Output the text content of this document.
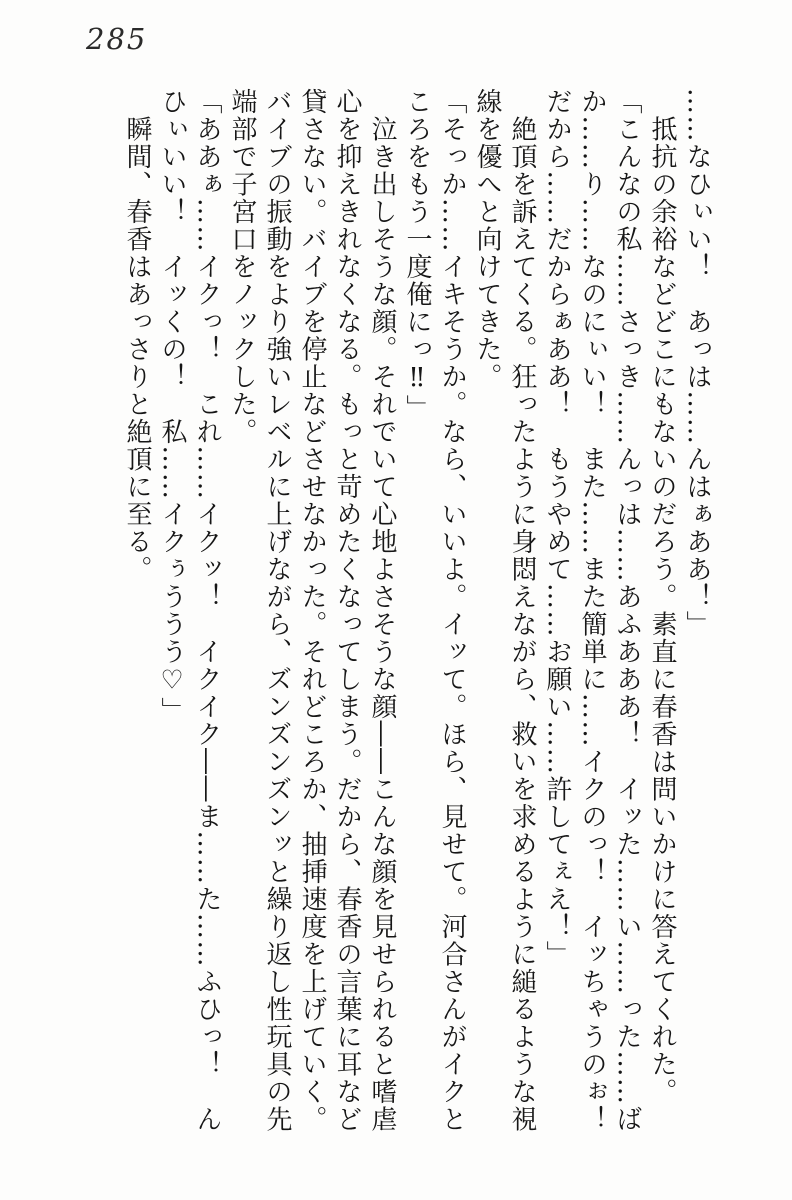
285
……なひぃい！　あっは……んはぁああ！」
　抵抗の余裕などどこにもないのだろう。素直に春香は問いかけに答えてくれた。
「こんなの私……さっき……んっは……あふあああ！　イッた……い……った……ば
か……り……なのにぃい！　また……また簡単に……イクのっ！　イッちゃうのぉ！
だから……だからぁああ！　もうやめて……お願い……許してぇえ！」
　絶頂を訴えてくる。狂ったように身悶えながら、救いを求めるように縋るような視
線を優へと向けてきた。
「そっか……イキそうか。なら、いいよ。イッて。ほら、見せて。河合さんがイクと
ころをもう一度俺にっ‼」
　泣き出しそうな顔。それでいて心地よさそうな顔――こんな顔を見せられると嗜虐
心を抑えきれなくなる。もっと苛めたくなってしまう。だから、春香の言葉に耳など
貸さない。バイブを停止などさせなかった。それどころか、抽挿速度を上げていく。
バイブの振動をより強いレベルに上げながら、ズンズンズンッと繰り返し性玩具の先
端部で子宮口をノックした。
「ああぁ……イクっ！　これ……イクッ！　イクイク――ま……た……ふひっ！　ん
ひぃいい！　イッくの！　私……イクぅううう♡」
　瞬間、春香はあっさりと絶頂に至る。
